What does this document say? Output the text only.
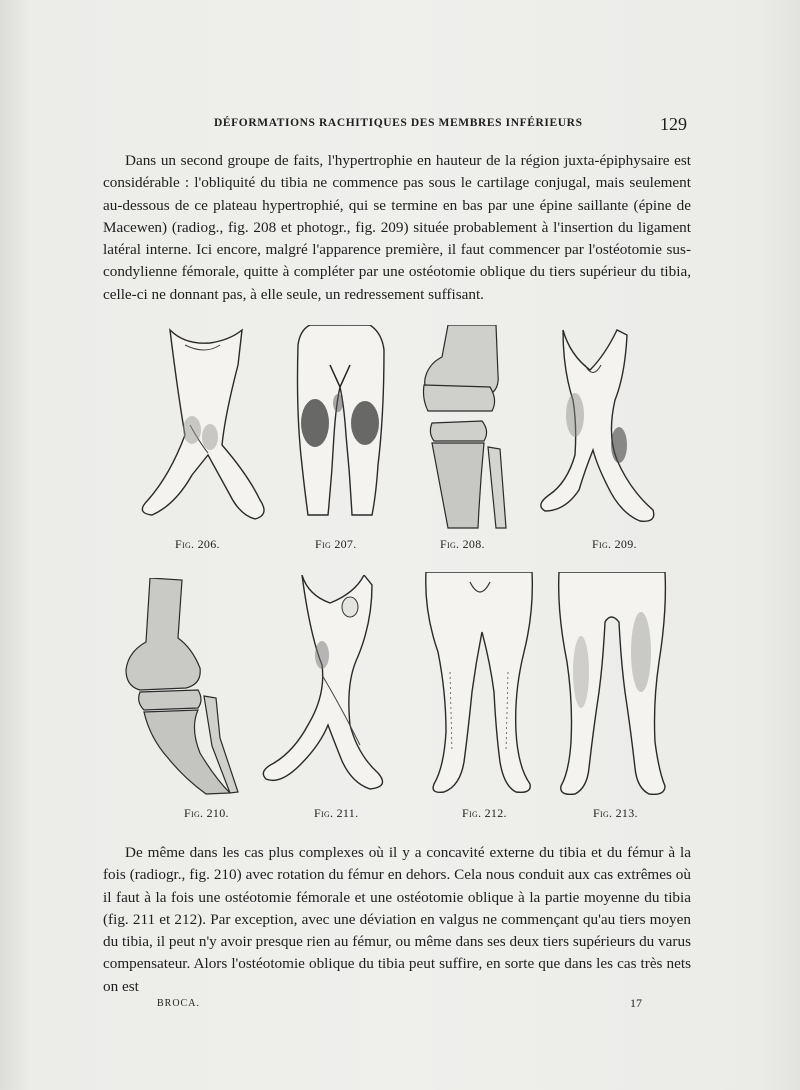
DÉFORMATIONS RACHITIQUES DES MEMBRES INFÉRIEURS	129
Dans un second groupe de faits, l'hypertrophie en hauteur de la région juxta-épiphysaire est considérable : l'obliquité du tibia ne commence pas sous le cartilage conjugal, mais seulement au-dessous de ce plateau hypertrophié, qui se termine en bas par une épine saillante (épine de Macewen) (radiog., fig. 208 et photogr., fig. 209) située probablement à l'insertion du ligament latéral interne. Ici encore, malgré l'apparence première, il faut commencer par l'ostéotomie sus-condylienne fémorale, quitte à compléter par une ostéotomie oblique du tiers supérieur du tibia, celle-ci ne donnant pas, à elle seule, un redressement suffisant.
Fig. 206.	Fig 207.	Fig. 208.	Fig. 209.
Fig. 210.	Fig. 211.	Fig. 212.	Fig. 213.
De même dans les cas plus complexes où il y a concavité externe du tibia et du fémur à la fois (radiogr., fig. 210) avec rotation du fémur en dehors. Cela nous conduit aux cas extrêmes où il faut à la fois une ostéotomie fémorale et une ostéotomie oblique à la partie moyenne du tibia (fig. 211 et 212). Par exception, avec une déviation en valgus ne commençant qu'au tiers moyen du tibia, il peut n'y avoir presque rien au fémur, ou même dans ses deux tiers supérieurs du varus compensateur. Alors l'ostéotomie oblique du tibia peut suffire, en sorte que dans les cas très nets on est
BROCA.	17
